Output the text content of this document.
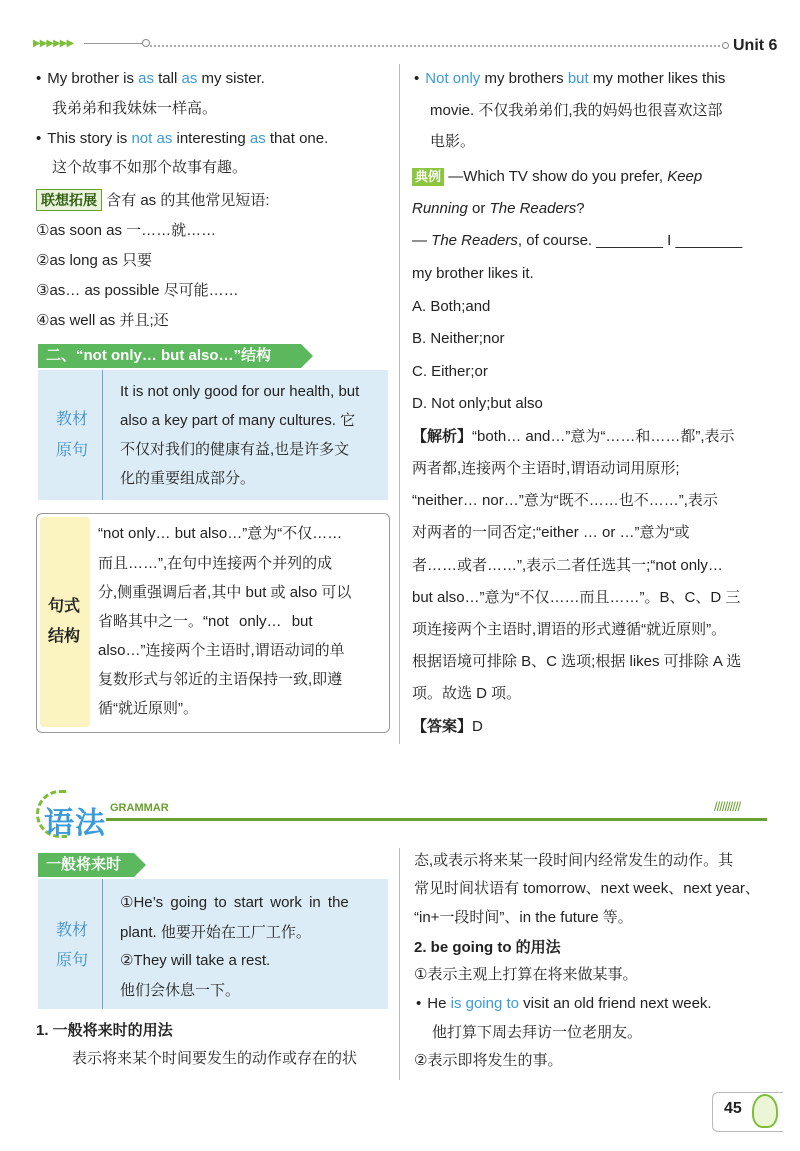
▶▶▶▶▶▶	Unit 6
• My brother is as tall as my sister.
我弟弟和我妹妹一样高。
• This story is not as interesting as that one.
这个故事不如那个故事有趣。
联想拓展 含有 as 的其他常见短语:
①as soon as 一……就……
②as long as 只要
③as… as possible 尽可能……
④as well as 并且;还
二、“not only… but also…”结构
教材
原句
It is not only good for our health, but
also a key part of many cultures. 它
不仅对我们的健康有益,也是许多文
化的重要组成部分。
句式
结构
“not only… but also…”意为“不仅……
而且……”,在句中连接两个并列的成
分,侧重强调后者,其中 but 或 also 可以
省略其中之一。“not only… but
also…”连接两个主语时,谓语动词的单
复数形式与邻近的主语保持一致,即遵
循“就近原则”。
• Not only my brothers but my mother likes this
movie. 不仅我弟弟们,我的妈妈也很喜欢这部
电影。
典例 —Which TV show do you prefer, Keep
Running or The Readers?
— The Readers, of course. ________ I ________
my brother likes it.
A. Both;and
B. Neither;nor
C. Either;or
D. Not only;but also
【解析】“both… and…”意为“……和……都”,表示
两者都,连接两个主语时,谓语动词用原形;
“neither… nor…”意为“既不……也不……”,表示
对两者的一同否定;“either … or …”意为“或
者……或者……”,表示二者任选其一;“not only…
but also…”意为“不仅……而且……”。B、C、D 三
项连接两个主语时,谓语的形式遵循“就近原则”。
根据语境可排除 B、C 选项;根据 likes 可排除 A 选
项。故选 D 项。
【答案】D
语法 GRAMMAR	//////////
一般将来时
教材
原句
①He’s going to start work in the
plant. 他要开始在工厂工作。
②They will take a rest.
他们会休息一下。
1. 一般将来时的用法
表示将来某个时间要发生的动作或存在的状
态,或表示将来某一段时间内经常发生的动作。其
常见时间状语有 tomorrow、next week、next year、
“in+一段时间”、in the future 等。
2. be going to 的用法
①表示主观上打算在将来做某事。
• He is going to visit an old friend next week.
他打算下周去拜访一位老朋友。
②表示即将发生的事。
45
